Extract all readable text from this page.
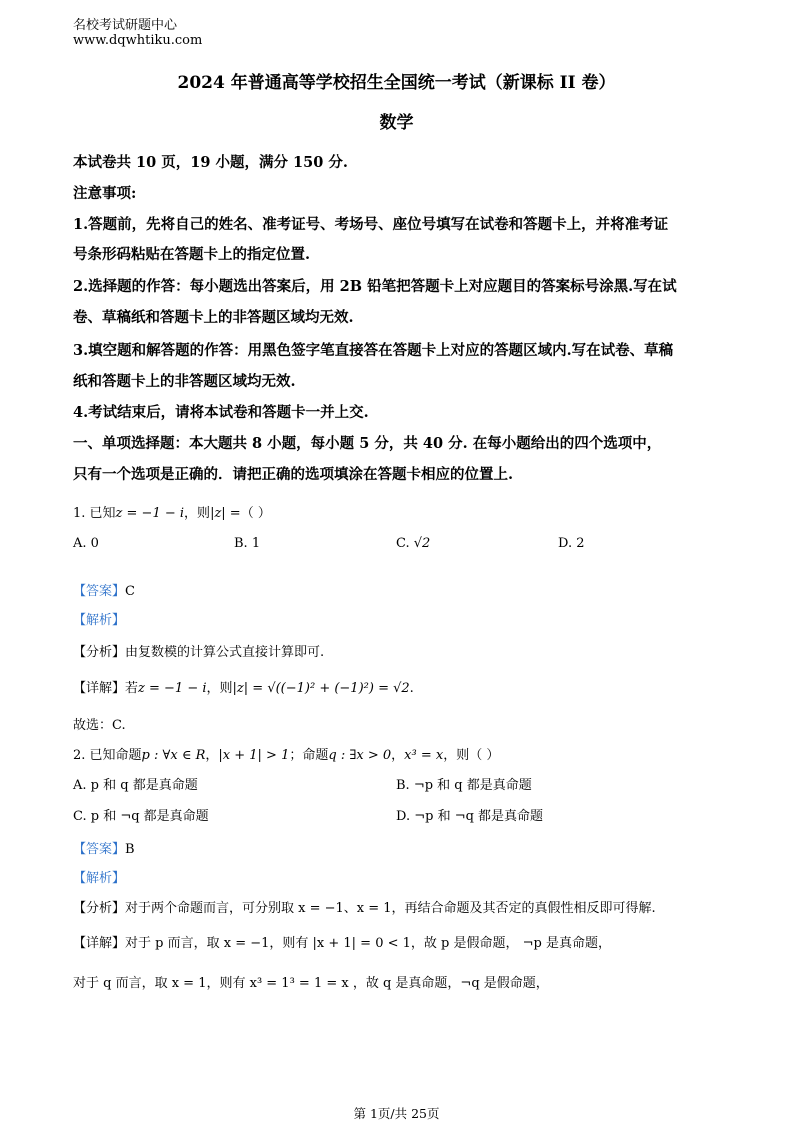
名校考试研题中心
www.dqwhtiku.com
2024 年普通高等学校招生全国统一考试（新课标 II 卷）
数学
本试卷共 10 页，19 小题，满分 150 分.
注意事项:
1.答题前，先将自己的姓名、准考证号、考场号、座位号填写在试卷和答题卡上，并将准考证
号条形码粘贴在答题卡上的指定位置.
2.选择题的作答：每小题选出答案后，用 2B 铅笔把答题卡上对应题目的答案标号涂黑.写在试
卷、草稿纸和答题卡上的非答题区域均无效.
3.填空题和解答题的作答：用黑色签字笔直接答在答题卡上对应的答题区域内.写在试卷、草稿
纸和答题卡上的非答题区域均无效.
4.考试结束后，请将本试卷和答题卡一并上交.
一、单项选择题：本大题共 8 小题，每小题 5 分，共 40 分. 在每小题给出的四个选项中，
只有一个选项是正确的．请把正确的选项填涂在答题卡相应的位置上.
1. 已知z = −1 − i，则|z| =（ ）
A. 0	B. 1	C. √2	D. 2
【答案】C
【解析】
【分析】由复数模的计算公式直接计算即可.
【详解】若z = −1 − i，则|z| = √((−1)² + (−1)²) = √2.
故选：C.
2. 已知命题p : ∀x ∈ R，|x + 1| > 1；命题q : ∃x > 0，x³ = x，则（ ）
A. p 和 q 都是真命题	B. ¬p 和 q 都是真命题
C. p 和 ¬q 都是真命题	D. ¬p 和 ¬q 都是真命题
【答案】B
【解析】
【分析】对于两个命题而言，可分别取 x = −1、x = 1，再结合命题及其否定的真假性相反即可得解.
【详解】对于 p 而言，取 x = −1，则有 |x + 1| = 0 < 1，故 p 是假命题， ¬p 是真命题，
对于 q 而言，取 x = 1，则有 x³ = 1³ = 1 = x ，故 q 是真命题，¬q 是假命题，
第 1页/共 25页
